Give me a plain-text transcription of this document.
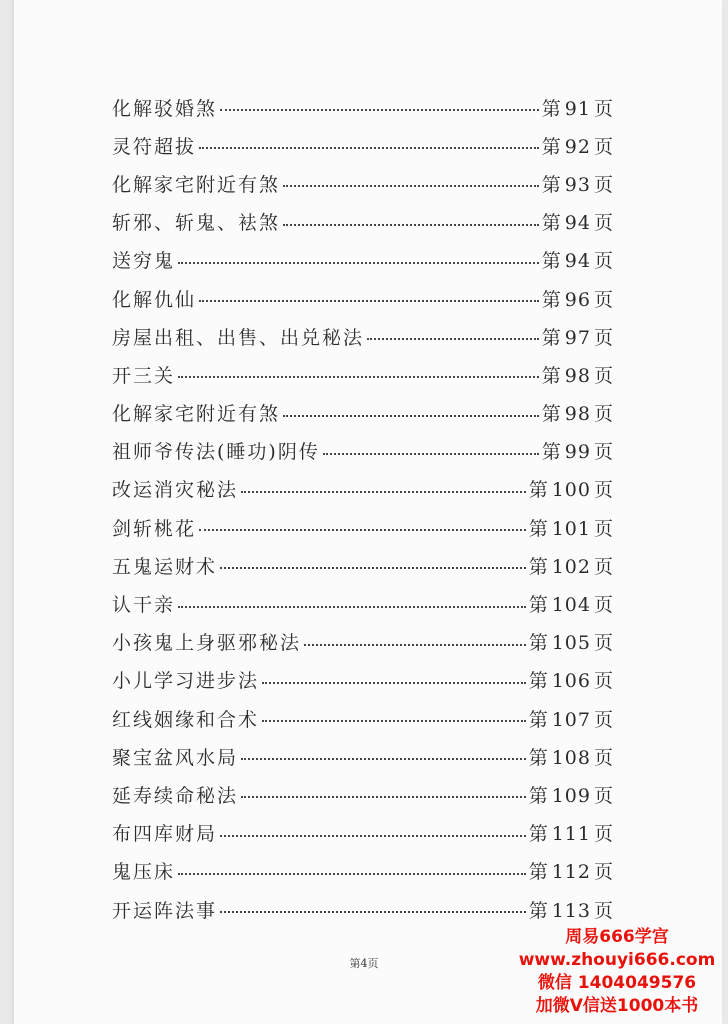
化解驳婚煞	第 91 页
灵符超拔	第 92 页
化解家宅附近有煞	第 93 页
斩邪、斩鬼、袪煞	第 94 页
送穷鬼	第 94 页
化解仇仙	第 96 页
房屋出租、出售、出兑秘法	第 97 页
开三关	第 98 页
化解家宅附近有煞	第 98 页
祖师爷传法(睡功)阴传	第 99 页
改运消灾秘法	第 100 页
剑斩桃花	第 101 页
五鬼运财术	第 102 页
认干亲	第 104 页
小孩鬼上身驱邪秘法	第 105 页
小儿学习进步法	第 106 页
红线姻缘和合术	第 107 页
聚宝盆风水局	第 108 页
延寿续命秘法	第 109 页
布四库财局	第 111 页
鬼压床	第 112 页
开运阵法事	第 113 页
第4页
周易666学宫
www.zhouyi666.com
微信 1404049576
加微V信送1000本书
